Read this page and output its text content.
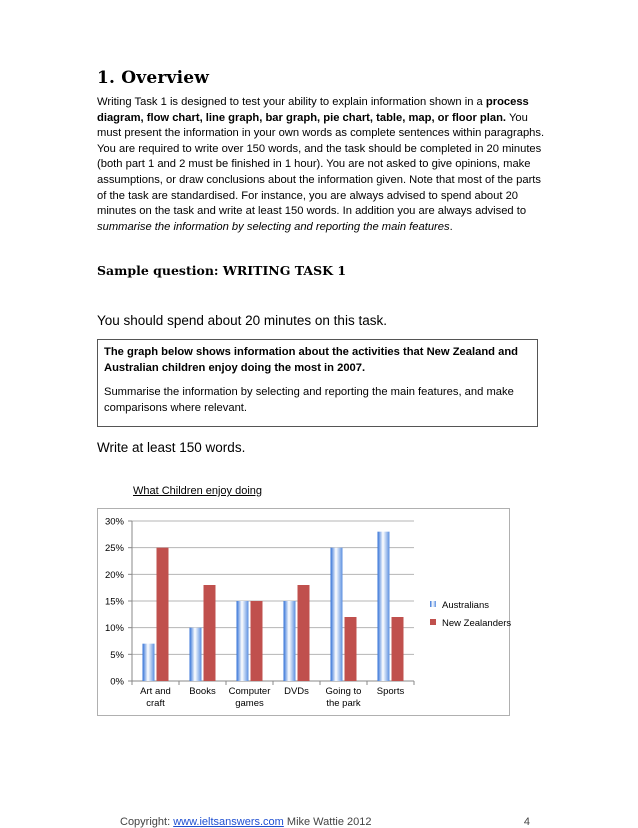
1. Overview

Writing Task 1 is designed to test your ability to explain information shown in a process diagram, flow chart, line graph, bar graph, pie chart, table, map, or floor plan. You must present the information in your own words as complete sentences within paragraphs. You are required to write over 150 words, and the task should be completed in 20 minutes (both part 1 and 2 must be finished in 1 hour). You are not asked to give opinions, make assumptions, or draw conclusions about the information given. Note that most of the parts of the task are standardised. For instance, you are always advised to spend about 20 minutes on the task and write at least 150 words. In addition you are always advised to summarise the information by selecting and reporting the main features.

Sample question: WRITING TASK 1

You should spend about 20 minutes on this task.

The graph below shows information about the activities that New Zealand and Australian children enjoy doing the most in 2007.

Summarise the information by selecting and reporting the main features, and make comparisons where relevant.

Write at least 150 words.

What Children enjoy doing

0%
5%
10%
15%
20%
25%
30%
Art and
craft
Books Computer
games
DVDs Going to
the park
Sports
Australians
New Zealanders
Copyright: www.ieltsanswers.com Mike Wattie 2012	4
